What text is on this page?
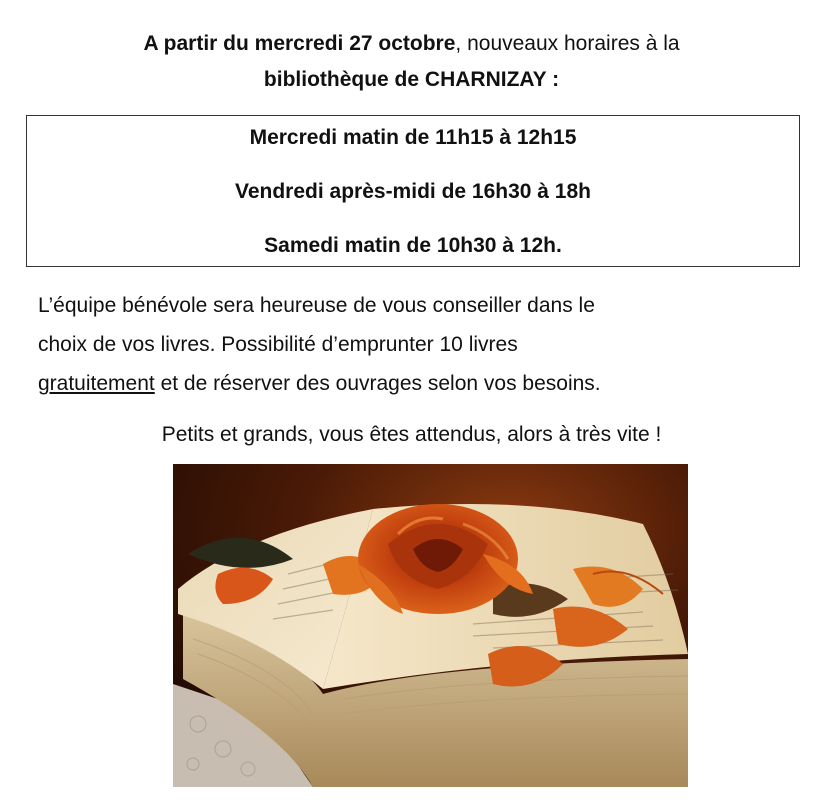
A partir du mercredi 27 octobre, nouveaux horaires à la
bibliothèque de CHARNIZAY :
Mercredi matin de 11h15 à 12h15
Vendredi après-midi de 16h30 à 18h
Samedi matin de 10h30 à 12h.
L’équipe bénévole sera heureuse de vous conseiller dans le
choix de vos livres. Possibilité d’emprunter 10 livres
gratuitement et de réserver des ouvrages selon vos besoins.
Petits et grands, vous êtes attendus, alors à très vite !
